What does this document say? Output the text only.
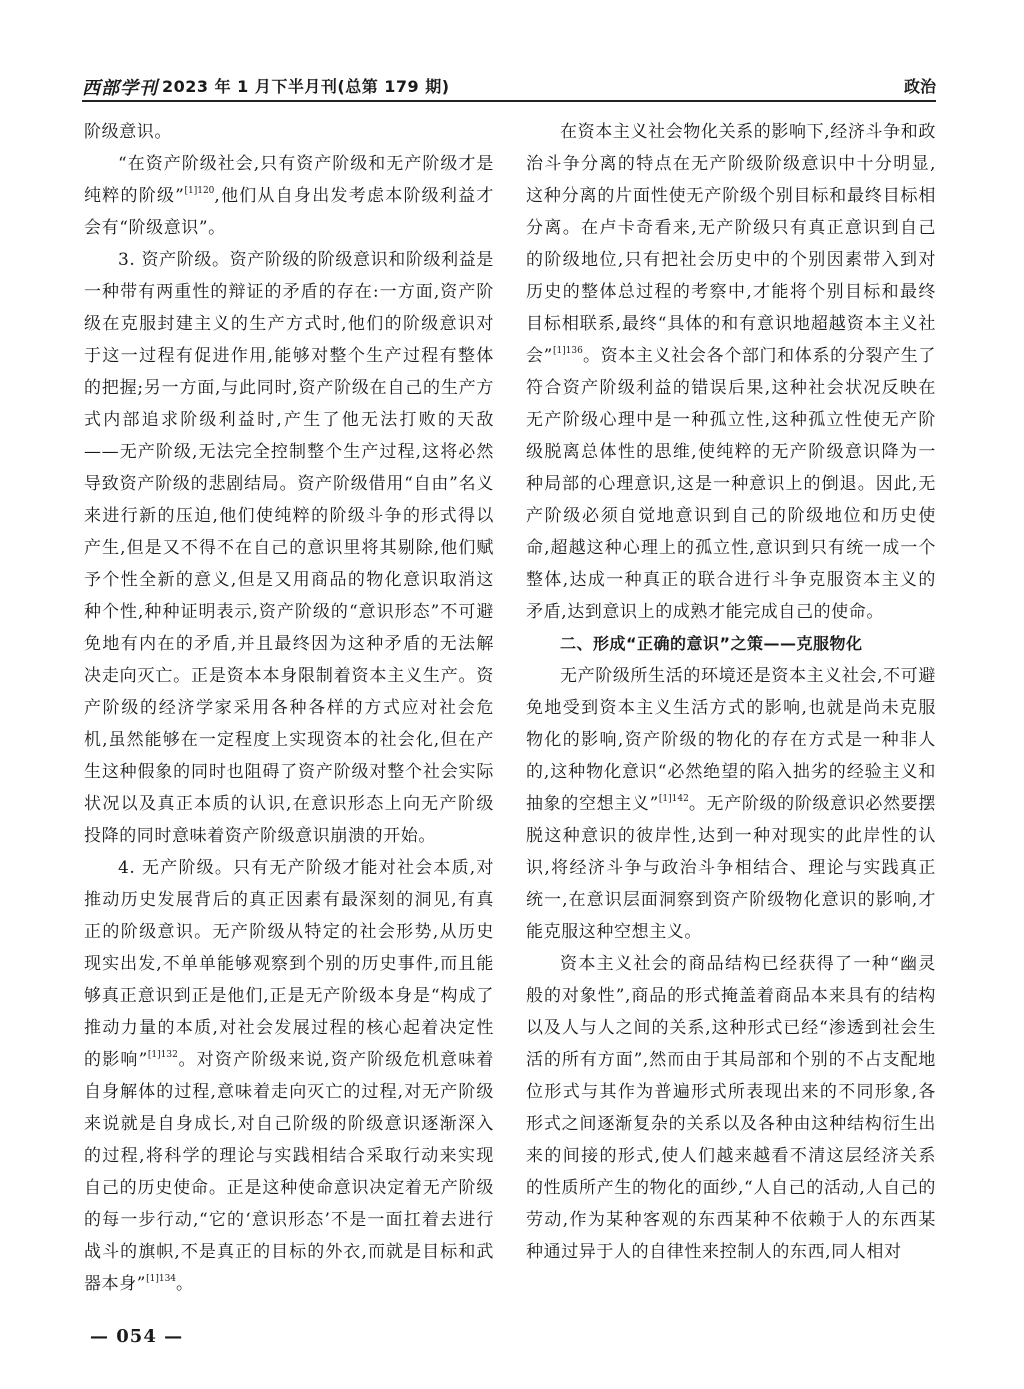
西部学刊 2023 年 1 月下半月刊(总第 179 期)	政治

阶级意识。

“在资产阶级社会,只有资产阶级和无产阶级才是纯粹的阶级”$^{[1]120}$,他们从自身出发考虑本阶级利益才会有“阶级意识”。

3. 资产阶级。资产阶级的阶级意识和阶级利益是一种带有两重性的辩证的矛盾的存在:一方面,资产阶级在克服封建主义的生产方式时,他们的阶级意识对于这一过程有促进作用,能够对整个生产过程有整体的把握;另一方面,与此同时,资产阶级在自己的生产方式内部追求阶级利益时,产生了他无法打败的天敌——无产阶级,无法完全控制整个生产过程,这将必然导致资产阶级的悲剧结局。资产阶级借用“自由”名义来进行新的压迫,他们使纯粹的阶级斗争的形式得以产生,但是又不得不在自己的意识里将其剔除,他们赋予个性全新的意义,但是又用商品的物化意识取消这种个性,种种证明表示,资产阶级的“意识形态”不可避免地有内在的矛盾,并且最终因为这种矛盾的无法解决走向灭亡。正是资本本身限制着资本主义生产。资产阶级的经济学家采用各种各样的方式应对社会危机,虽然能够在一定程度上实现资本的社会化,但在产生这种假象的同时也阻碍了资产阶级对整个社会实际状况以及真正本质的认识,在意识形态上向无产阶级投降的同时意味着资产阶级意识崩溃的开始。

4. 无产阶级。只有无产阶级才能对社会本质,对推动历史发展背后的真正因素有最深刻的洞见,有真正的阶级意识。无产阶级从特定的社会形势,从历史现实出发,不单单能够观察到个别的历史事件,而且能够真正意识到正是他们,正是无产阶级本身是“构成了推动力量的本质,对社会发展过程的核心起着决定性的影响”$^{[1]132}$。对资产阶级来说,资产阶级危机意味着自身解体的过程,意味着走向灭亡的过程,对无产阶级来说就是自身成长,对自己阶级的阶级意识逐渐深入的过程,将科学的理论与实践相结合采取行动来实现自己的历史使命。正是这种使命意识决定着无产阶级的每一步行动,“它的‘意识形态’不是一面扛着去进行战斗的旗帜,不是真正的目标的外衣,而就是目标和武器本身”$^{[1]134}$。

在资本主义社会物化关系的影响下,经济斗争和政治斗争分离的特点在无产阶级阶级意识中十分明显,这种分离的片面性使无产阶级个别目标和最终目标相分离。在卢卡奇看来,无产阶级只有真正意识到自己的阶级地位,只有把社会历史中的个别因素带入到对历史的整体总过程的考察中,才能将个别目标和最终目标相联系,最终“具体的和有意识地超越资本主义社会”$^{[1]136}$。资本主义社会各个部门和体系的分裂产生了符合资产阶级利益的错误后果,这种社会状况反映在无产阶级心理中是一种孤立性,这种孤立性使无产阶级脱离总体性的思维,使纯粹的无产阶级意识降为一种局部的心理意识,这是一种意识上的倒退。因此,无产阶级必须自觉地意识到自己的阶级地位和历史使命,超越这种心理上的孤立性,意识到只有统一成一个整体,达成一种真正的联合进行斗争克服资本主义的矛盾,达到意识上的成熟才能完成自己的使命。

二、形成“正确的意识”之策——克服物化

无产阶级所生活的环境还是资本主义社会,不可避免地受到资本主义生活方式的影响,也就是尚未克服物化的影响,资产阶级的物化的存在方式是一种非人的,这种物化意识“必然绝望的陷入拙劣的经验主义和抽象的空想主义”$^{[1]142}$。无产阶级的阶级意识必然要摆脱这种意识的彼岸性,达到一种对现实的此岸性的认识,将经济斗争与政治斗争相结合、理论与实践真正统一,在意识层面洞察到资产阶级物化意识的影响,才能克服这种空想主义。

资本主义社会的商品结构已经获得了一种“幽灵般的对象性”,商品的形式掩盖着商品本来具有的结构以及人与人之间的关系,这种形式已经“渗透到社会生活的所有方面”,然而由于其局部和个别的不占支配地位形式与其作为普遍形式所表现出来的不同形象,各形式之间逐渐复杂的关系以及各种由这种结构衍生出来的间接的形式,使人们越来越看不清这层经济关系的性质所产生的物化的面纱,“人自己的活动,人自己的劳动,作为某种客观的东西某种不依赖于人的东西某种通过异于人的自律性来控制人的东西,同人相对

— 054 —
